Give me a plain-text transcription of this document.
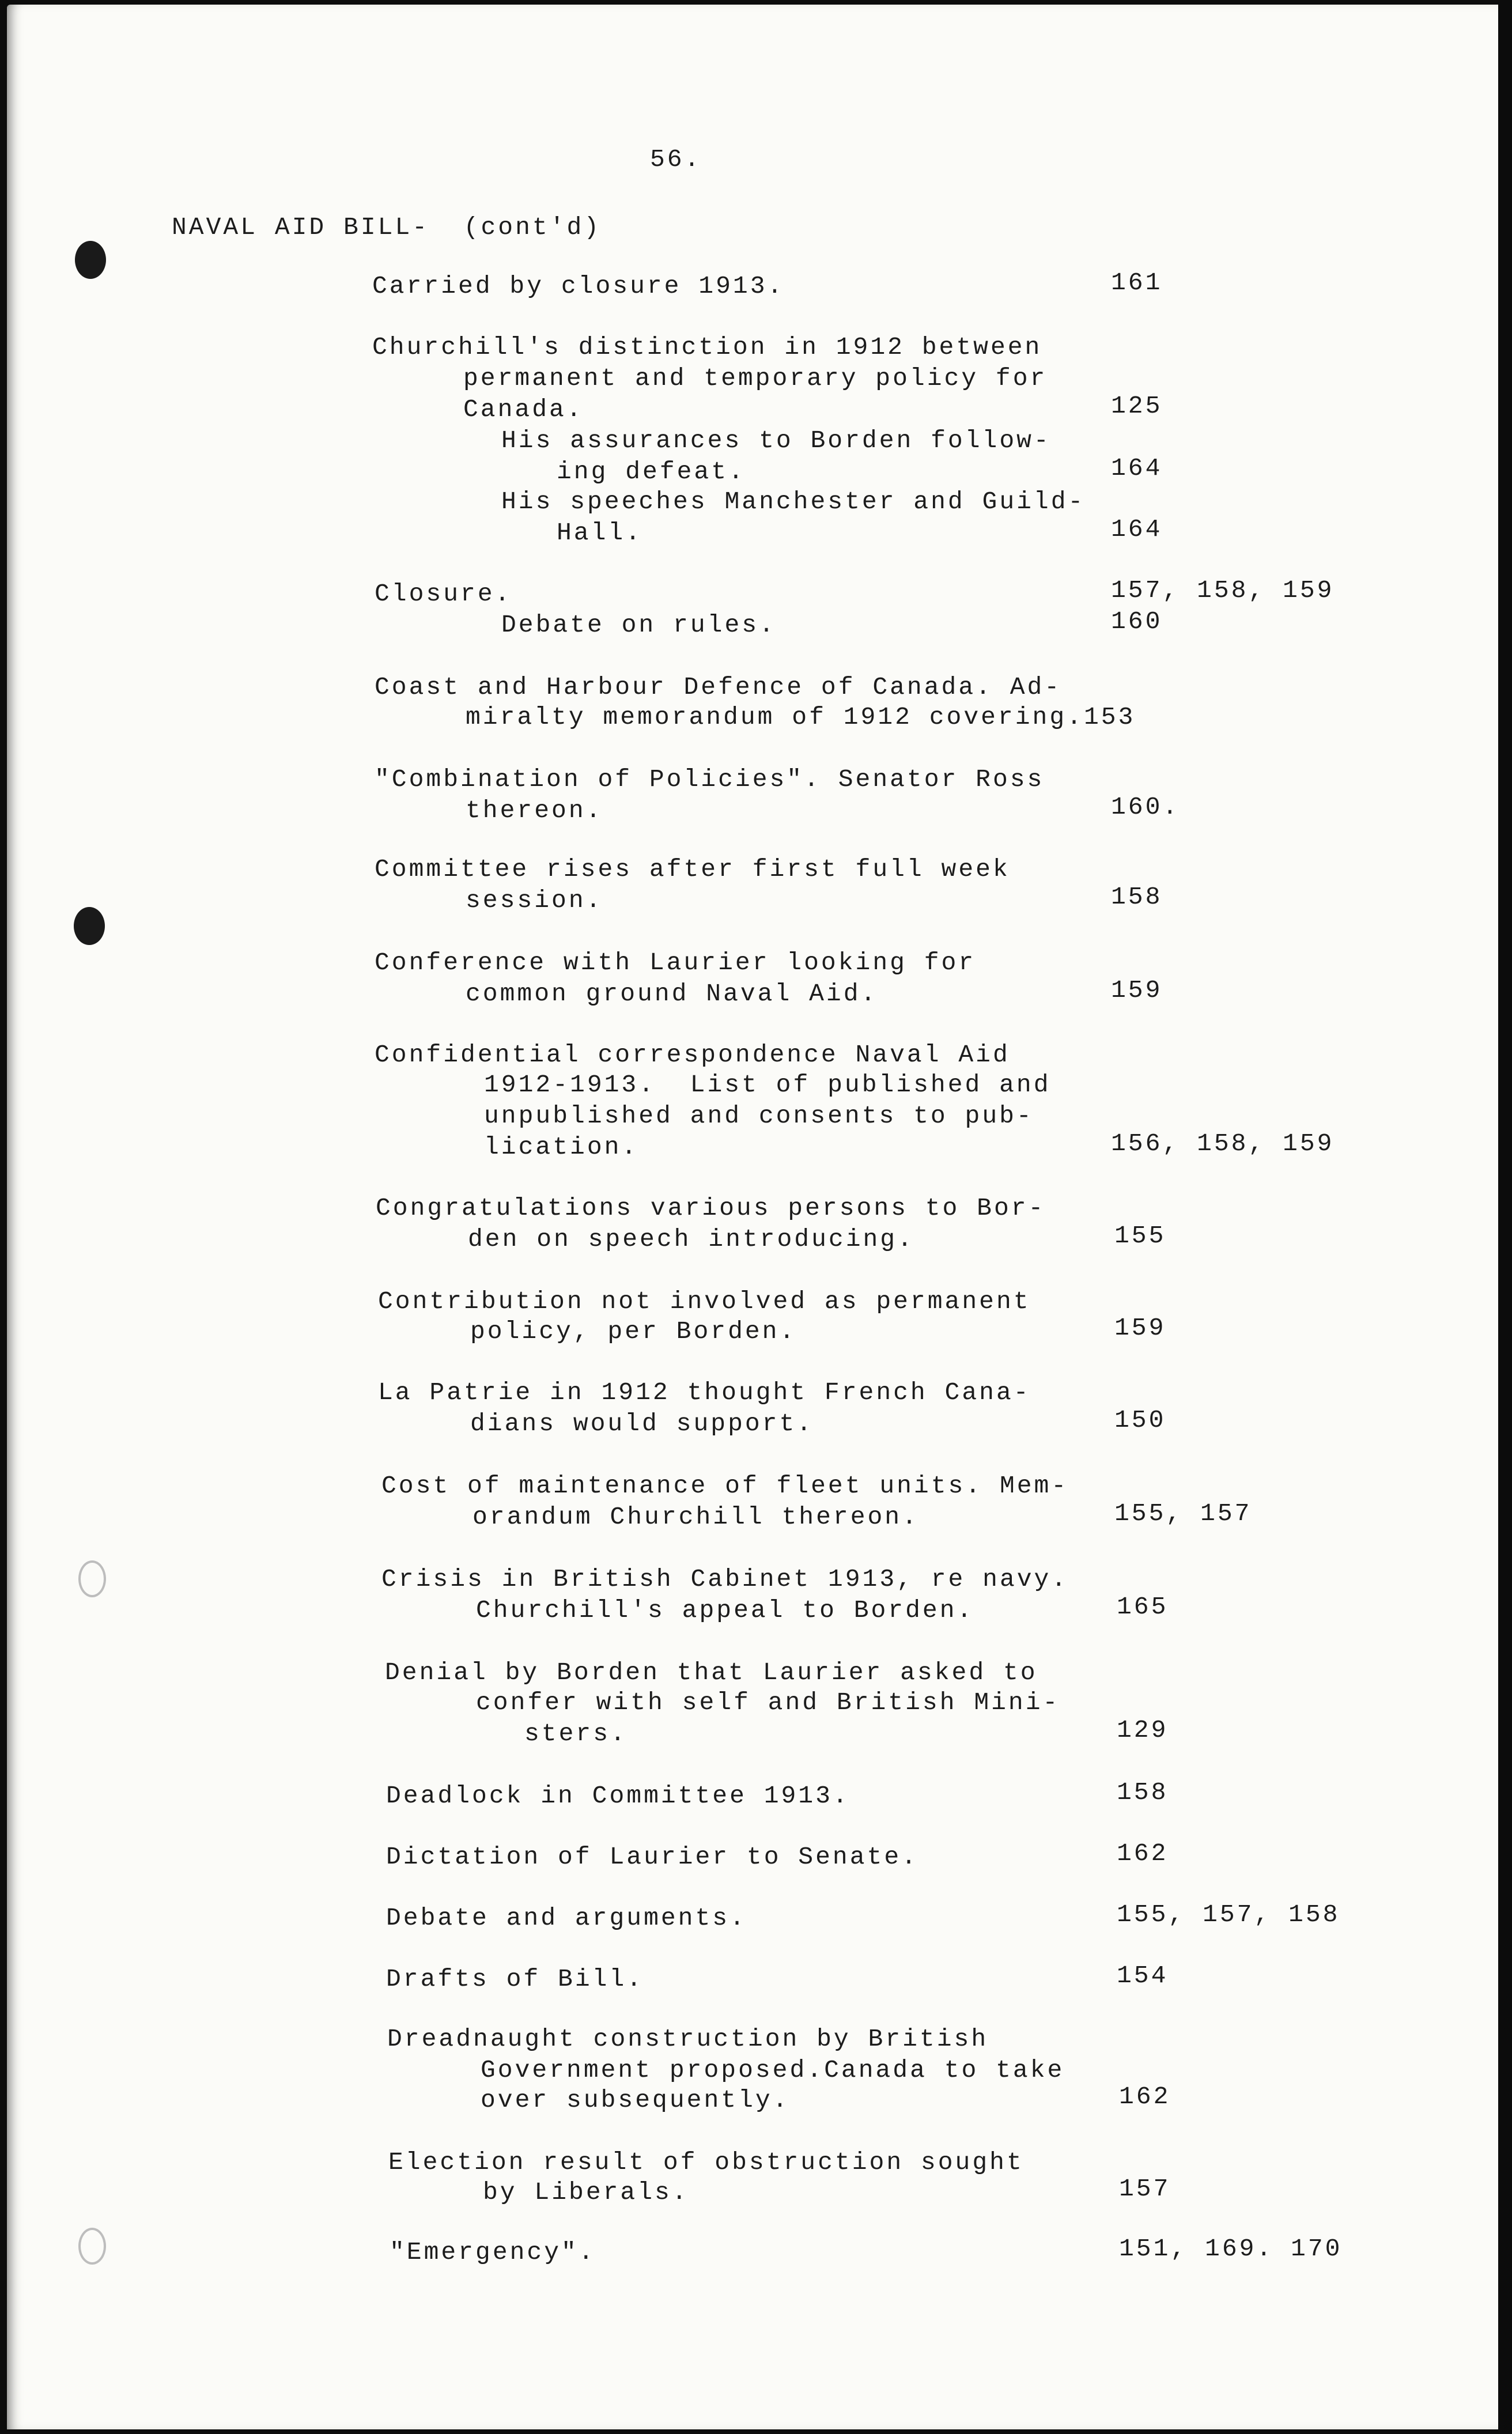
56.
NAVAL AID BILL-  (cont'd)
Carried by closure 1913.	161
Churchill's distinction in 1912 between
permanent and temporary policy for
Canada.	125
His assurances to Borden follow-
ing defeat.	164
His speeches Manchester and Guild-
Hall.	164
Closure.	157, 158, 159
Debate on rules.	160
Coast and Harbour Defence of Canada. Ad-
miralty memorandum of 1912 covering.153
"Combination of Policies". Senator Ross
thereon.	160.
Committee rises after first full week
session.	158
Conference with Laurier looking for
common ground Naval Aid.	159
Confidential correspondence Naval Aid
1912-1913.  List of published and
unpublished and consents to pub-
lication.	156, 158, 159
Congratulations various persons to Bor-
den on speech introducing.	155
Contribution not involved as permanent
policy, per Borden.	159
La Patrie in 1912 thought French Cana-
dians would support.	150
Cost of maintenance of fleet units. Mem-
orandum Churchill thereon.	155, 157
Crisis in British Cabinet 1913, re navy.
Churchill's appeal to Borden.	165
Denial by Borden that Laurier asked to
confer with self and British Mini-
sters.	129
Deadlock in Committee 1913.	158
Dictation of Laurier to Senate.	162
Debate and arguments.	155, 157, 158
Drafts of Bill.	154
Dreadnaught construction by British
Government proposed.Canada to take
over subsequently.	162
Election result of obstruction sought
by Liberals.	157
"Emergency".	151, 169. 170
